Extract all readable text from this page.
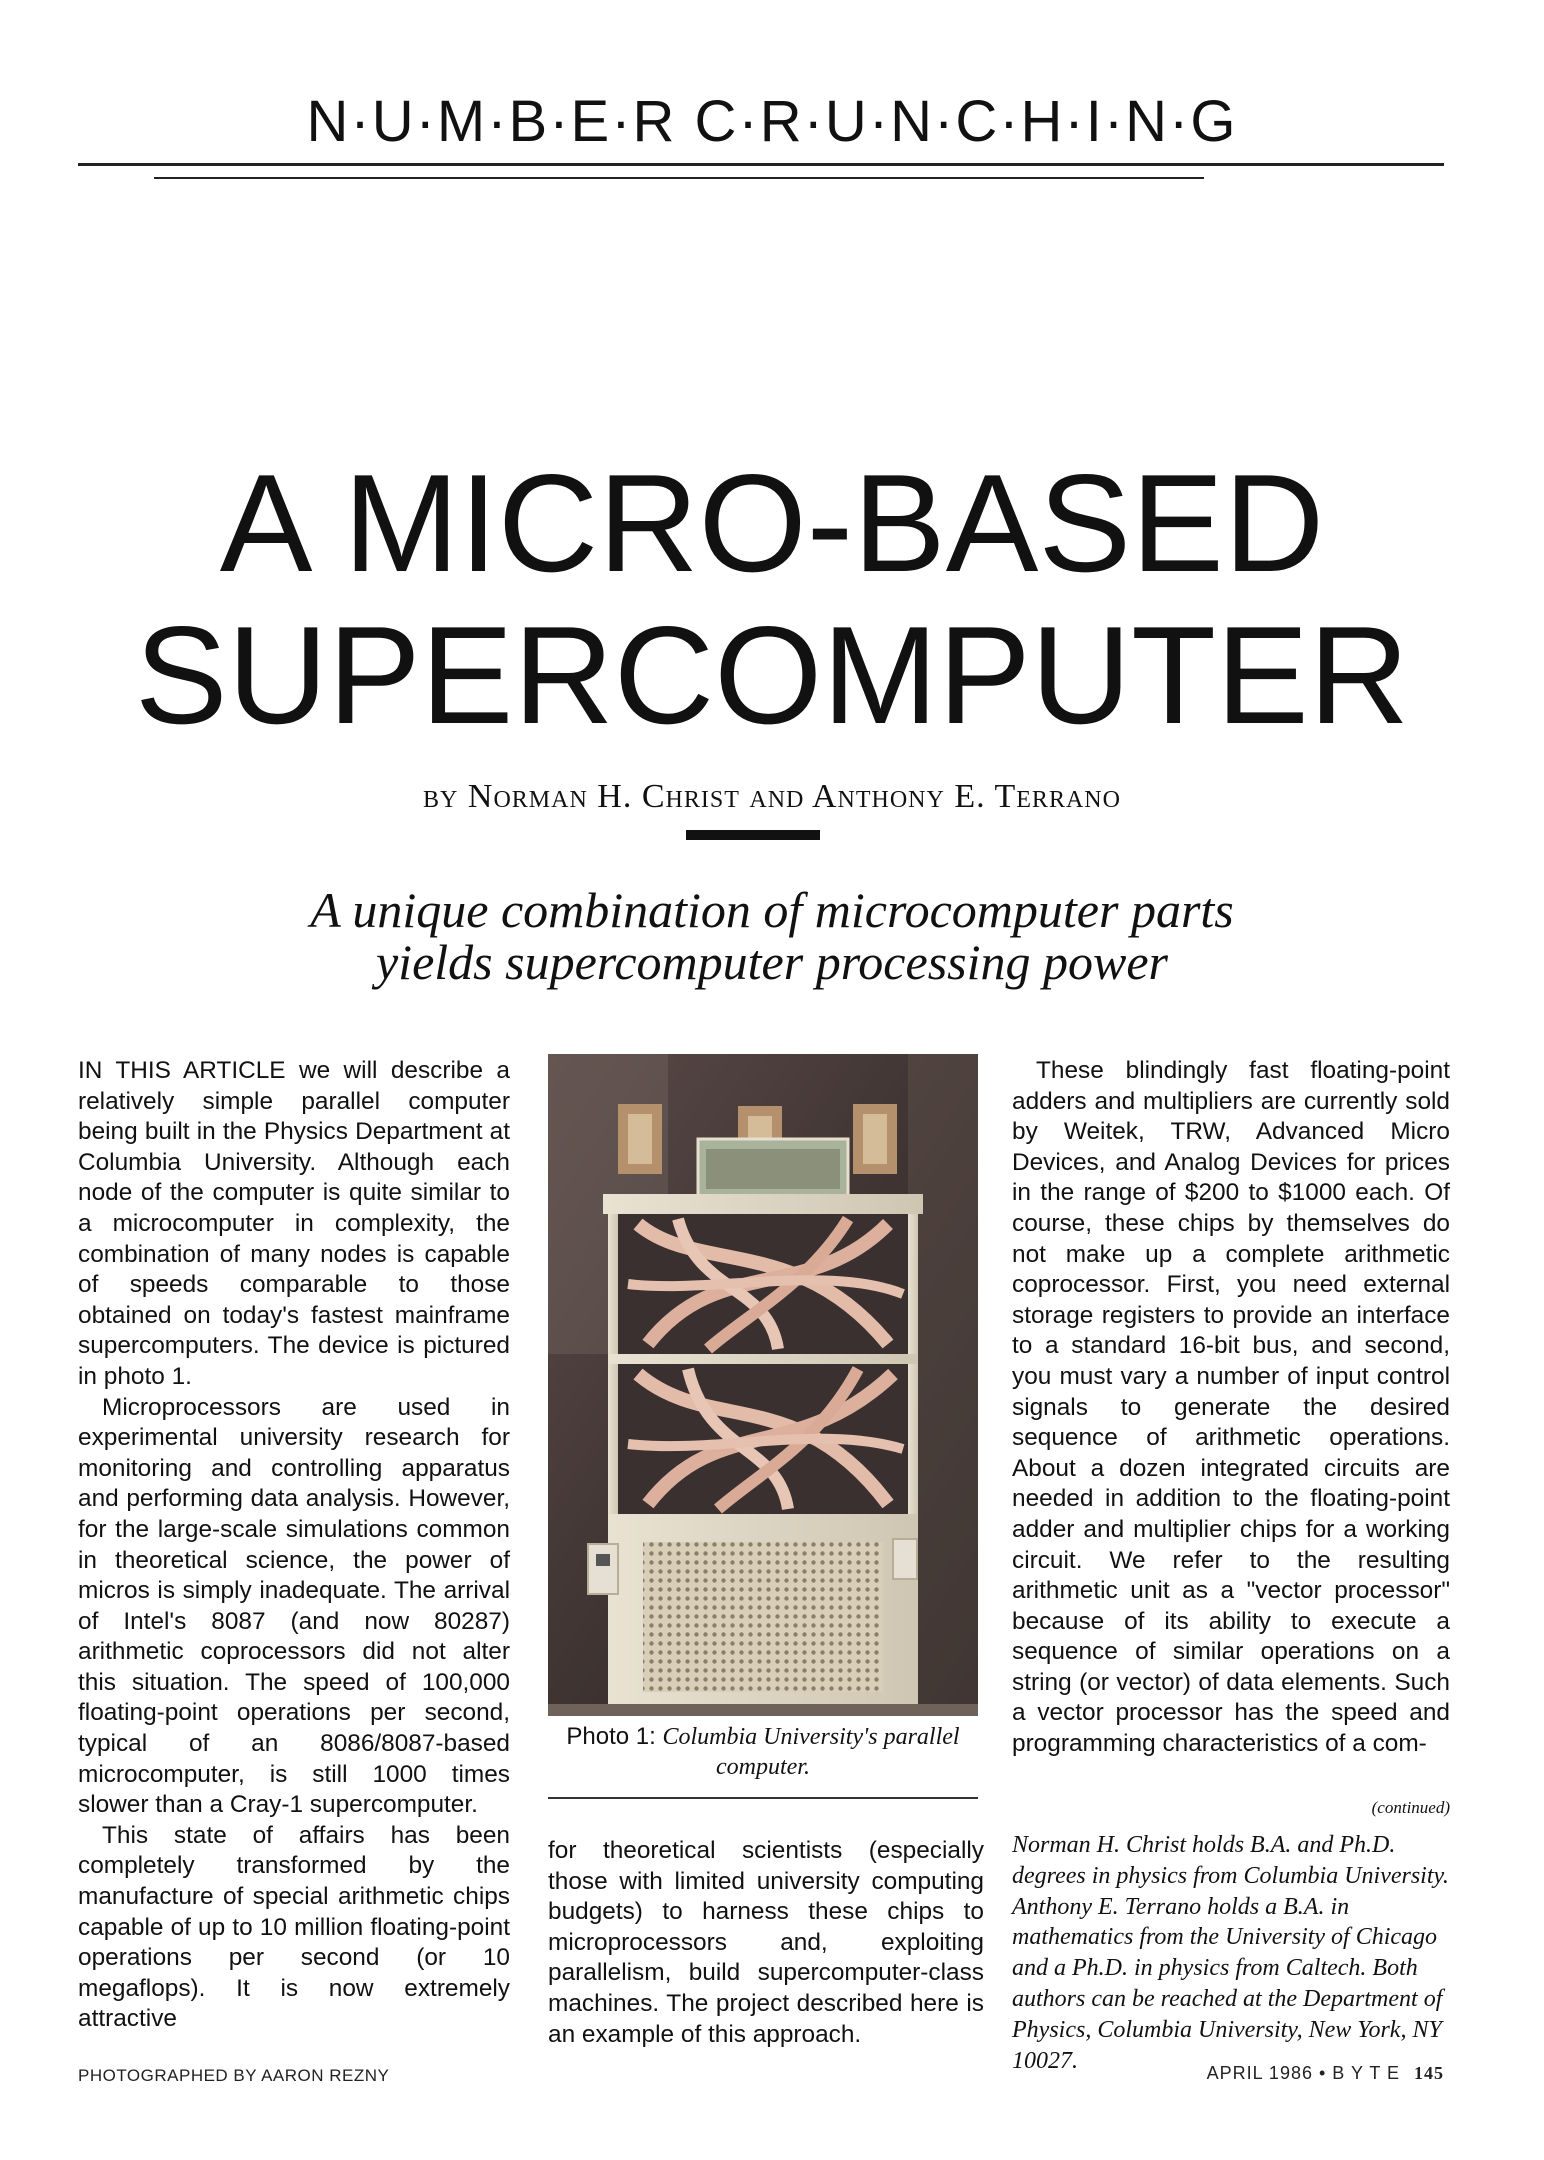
N·U·M·B·E·R C·R·U·N·C·H·I·N·G
A MICRO-BASED
SUPERCOMPUTER
by Norman H. Christ and Anthony E. Terrano
A unique combination of microcomputer parts
yields supercomputer processing power

IN THIS ARTICLE we will describe a relatively simple parallel computer being built in the Physics Department at Columbia University. Although each node of the computer is quite similar to a microcomputer in complexity, the combination of many nodes is capable of speeds comparable to those obtained on today's fastest mainframe supercomputers. The device is pictured in photo 1.

Microprocessors are used in experimental university research for monitoring and controlling apparatus and performing data analysis. However, for the large-scale simulations common in theoretical science, the power of micros is simply inadequate. The arrival of Intel's 8087 (and now 80287) arithmetic coprocessors did not alter this situation. The speed of 100,000 floating-point operations per second, typical of an 8086/8087-based microcomputer, is still 1000 times slower than a Cray-1 supercomputer.

This state of affairs has been completely transformed by the manufacture of special arithmetic chips capable of up to 10 million floating-point operations per second (or 10 megaflops). It is now extremely attractive

Photo 1: Columbia University's parallel computer.

for theoretical scientists (especially those with limited university computing budgets) to harness these chips to microprocessors and, exploiting parallelism, build supercomputer-class machines. The project described here is an example of this approach.

These blindingly fast floating-point adders and multipliers are currently sold by Weitek, TRW, Advanced Micro Devices, and Analog Devices for prices in the range of $200 to $1000 each. Of course, these chips by themselves do not make up a complete arithmetic coprocessor. First, you need external storage registers to provide an interface to a standard 16-bit bus, and second, you must vary a number of input control signals to generate the desired sequence of arithmetic operations. About a dozen integrated circuits are needed in addition to the floating-point adder and multiplier chips for a working circuit. We refer to the resulting arithmetic unit as a "vector processor" because of its ability to execute a sequence of similar operations on a string (or vector) of data elements. Such a vector processor has the speed and programming characteristics of a com-

(continued)
Norman H. Christ holds B.A. and Ph.D. degrees in physics from Columbia University. Anthony E. Terrano holds a B.A. in mathematics from the University of Chicago and a Ph.D. in physics from Caltech. Both authors can be reached at the Department of Physics, Columbia University, New York, NY 10027.
PHOTOGRAPHED BY AARON REZNY	APRIL 1986 • B Y T E 145
